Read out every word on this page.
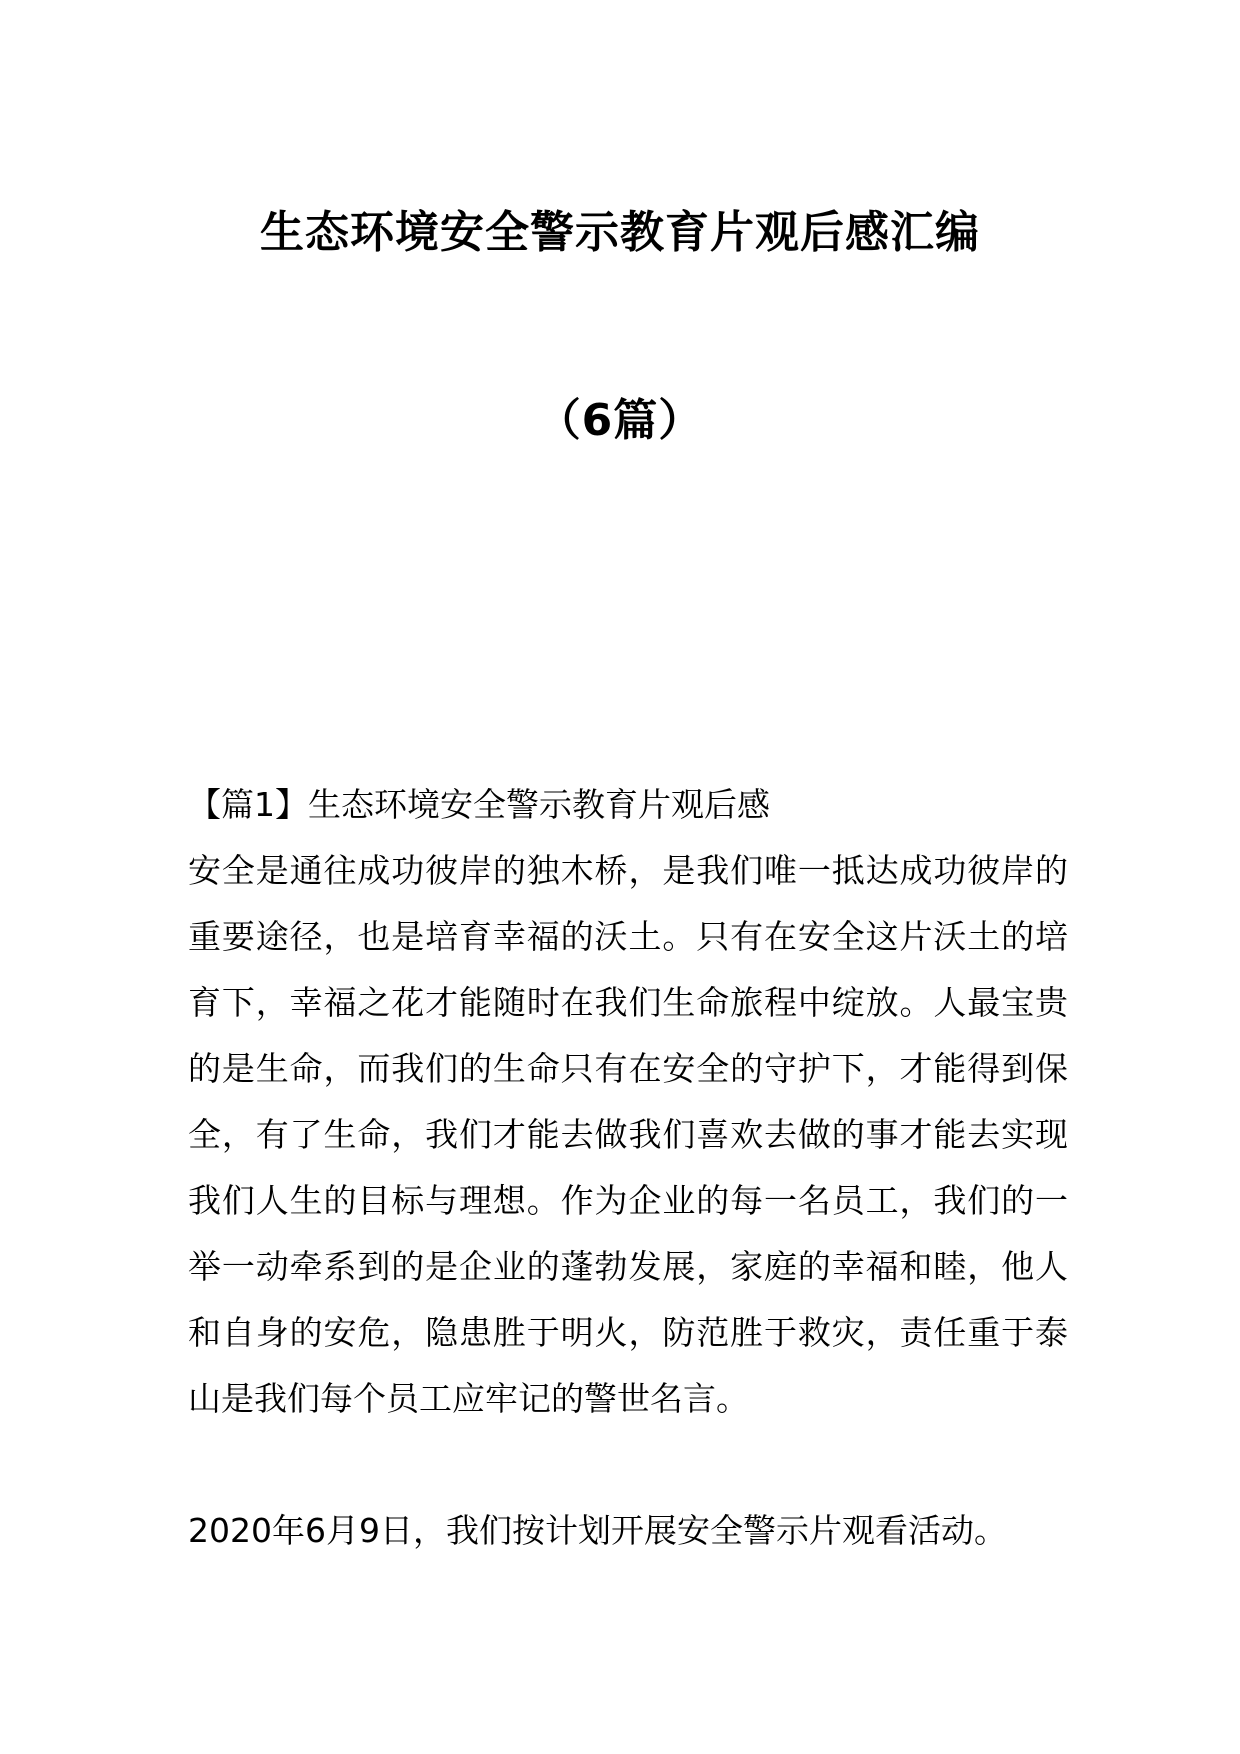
生态环境安全警示教育片观后感汇编
（6篇）
【篇1】生态环境安全警示教育片观后感

安全是通往成功彼岸的独木桥，是我们唯一抵达成功彼岸的重要途径，也是培育幸福的沃土。只有在安全这片沃土的培育下，幸福之花才能随时在我们生命旅程中绽放。人最宝贵的是生命，而我们的生命只有在安全的守护下，才能得到保全，有了生命，我们才能去做我们喜欢去做的事才能去实现我们人生的目标与理想。作为企业的每一名员工，我们的一举一动牵系到的是企业的蓬勃发展，家庭的幸福和睦，他人和自身的安危，隐患胜于明火，防范胜于救灾，责任重于泰山是我们每个员工应牢记的警世名言。

2020年6月9日，我们按计划开展安全警示片观看活动。
